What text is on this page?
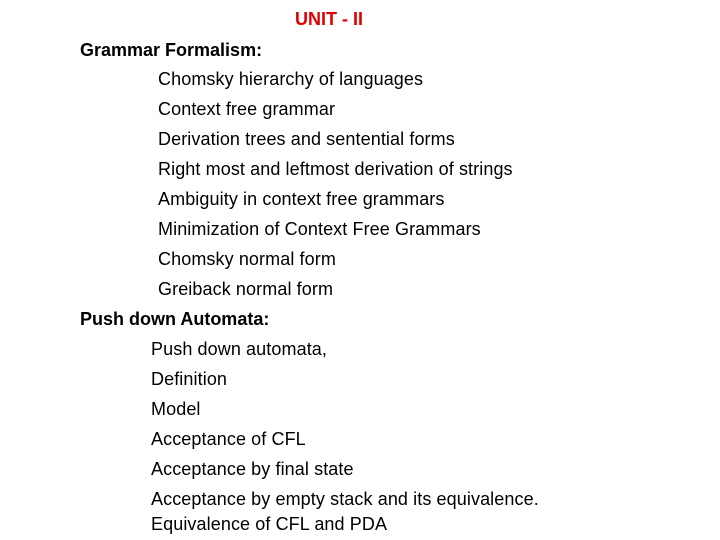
UNIT - II
Grammar Formalism:
Chomsky hierarchy of languages
Context free grammar
Derivation trees and sentential forms
Right most and leftmost derivation of strings
Ambiguity in context free grammars
Minimization of Context Free Grammars
Chomsky normal form
Greiback normal form
Push down Automata:
Push down automata,
Definition
Model
Acceptance of CFL
Acceptance by final state
Acceptance by empty stack and its equivalence.
Equivalence of CFL and PDA
